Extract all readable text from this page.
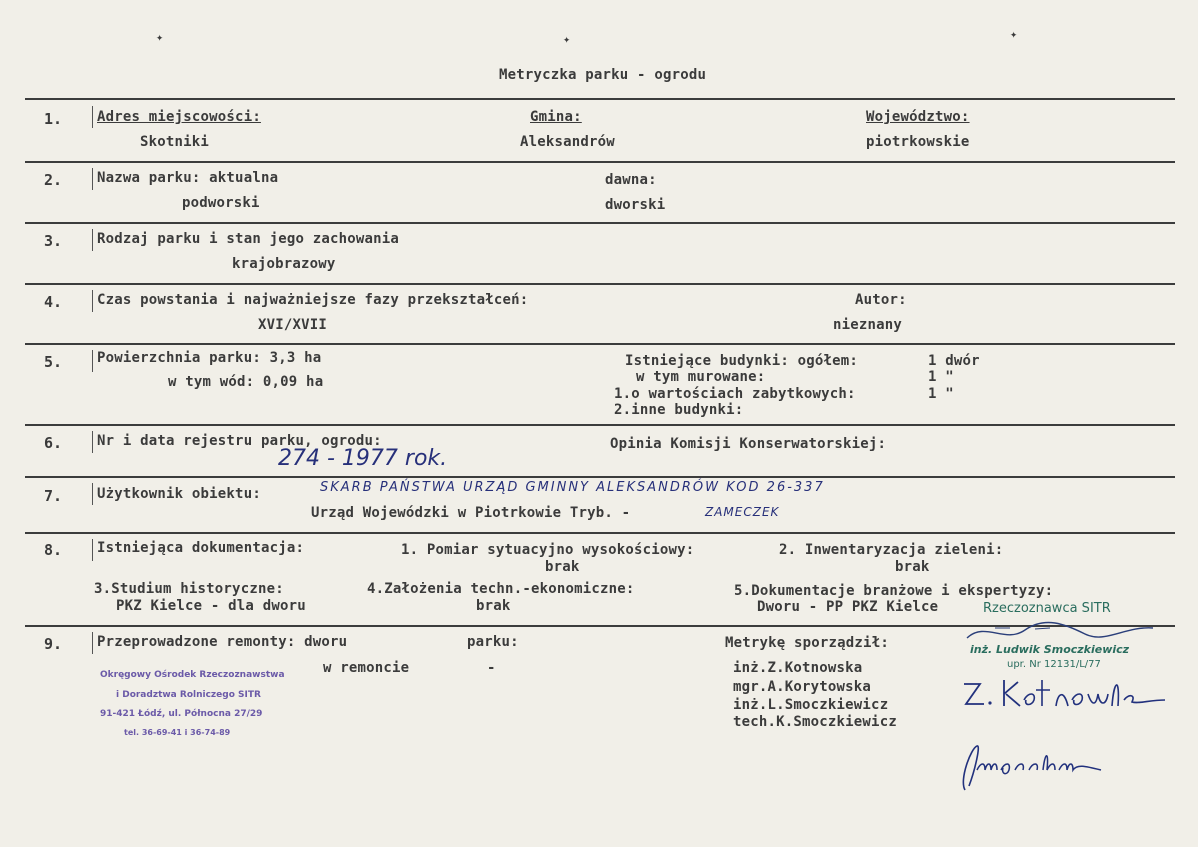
✦	✦	✦
Metryczka parku - ogrodu
1. Adres miejscowości:
Skotniki
Gmina:
Aleksandrów
Województwo:
piotrkowskie
2. Nazwa parku: aktualna
podworski
dawna:
dworski
3. Rodzaj parku i stan jego zachowania
krajobrazowy
4. Czas powstania i najważniejsze fazy przekształceń:
XVI/XVII
Autor:
nieznany
5. Powierzchnia parku: 3,3 ha
w tym wód: 0,09 ha
Istniejące budynki: ogółem:	1 dwór
w tym murowane:	1 "
1.o wartościach zabytkowych:	1 "
2.inne budynki:
6. Nr i data rejestru parku, ogrodu:
274 - 1977 rok.
Opinia Komisji Konserwatorskiej:
7. Użytkownik obiektu:	SKARB PAŃSTWA URZĄD GMINNY ALEKSANDRÓW KOD 26-337
Urząd Wojewódzki w Piotrkowie Tryb. -	ZAMECZEK
8. Istniejąca dokumentacja:	1. Pomiar sytuacyjno wysokościowy:
brak
2. Inwentaryzacja zieleni:
brak
3.Studium historyczne:
PKZ Kielce - dla dworu
4.Założenia techn.-ekonomiczne:
brak
5.Dokumentacje branżowe i ekspertyzy:
Dworu - PP PKZ Kielce
9. Przeprowadzone remonty: dworu
w remoncie
parku:
-
Metrykę sporządził:
inż.Z.Kotnowska
mgr.A.Korytowska
inż.L.Smoczkiewicz
tech.K.Smoczkiewicz
Rzeczoznawca SITR
inż. Ludwik Smoczkiewicz
upr. Nr 12131/L/77
Okręgowy Ośrodek Rzeczoznawstwa
i Doradztwa Rolniczego SITR
91-421 Łódź, ul. Północna 27/29
tel. 36-69-41 i 36-74-89
